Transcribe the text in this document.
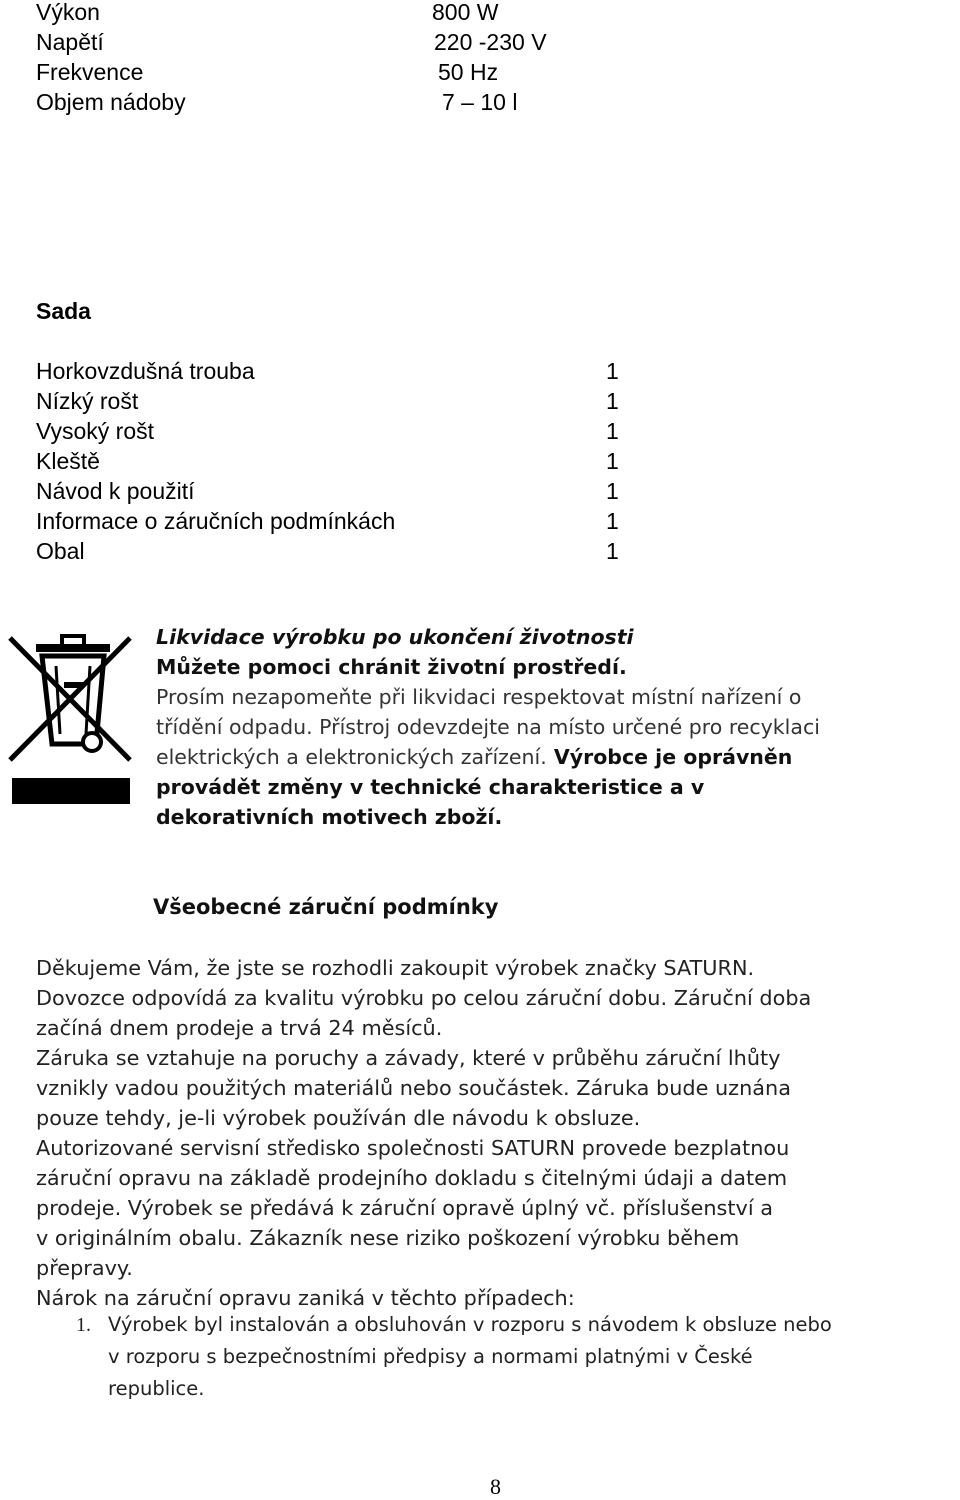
Výkon	800 W
Napětí	220 -230 V
Frekvence	50 Hz
Objem nádoby	7 – 10 l
Sada
Horkovzdušná trouba	1
Nízký rošt	1
Vysoký rošt	1
Kleště	1
Návod k použití	1
Informace o záručních podmínkách	1
Obal	1
Likvidace výrobku po ukončení životnosti
Můžete pomoci chránit životní prostředí.
Prosím nezapomeňte při likvidaci respektovat místní nařízení o
třídění odpadu. Přístroj odevzdejte na místo určené pro recyklaci
elektrických a elektronických zařízení. Výrobce je oprávněn
provádět změny v technické charakteristice a v
dekorativních motivech zboží.
Všeobecné záruční podmínky
Děkujeme Vám, že jste se rozhodli zakoupit výrobek značky SATURN.
Dovozce odpovídá za kvalitu výrobku po celou záruční dobu. Záruční doba
začíná dnem prodeje a trvá 24 měsíců.
Záruka se vztahuje na poruchy a závady, které v průběhu záruční lhůty
vznikly vadou použitých materiálů nebo součástek. Záruka bude uznána
pouze tehdy, je-li výrobek používán dle návodu k obsluze.
Autorizované servisní středisko společnosti SATURN provede bezplatnou
záruční opravu na základě prodejního dokladu s čitelnými údaji a datem
prodeje. Výrobek se předává k záruční opravě úplný vč. příslušenství a
v originálním obalu. Zákazník nese riziko poškození výrobku během
přepravy.
Nárok na záruční opravu zaniká v těchto případech:
1. Výrobek byl instalován a obsluhován v rozporu s návodem k obsluze nebo
v rozporu s bezpečnostními předpisy a normami platnými v České
republice.
8
